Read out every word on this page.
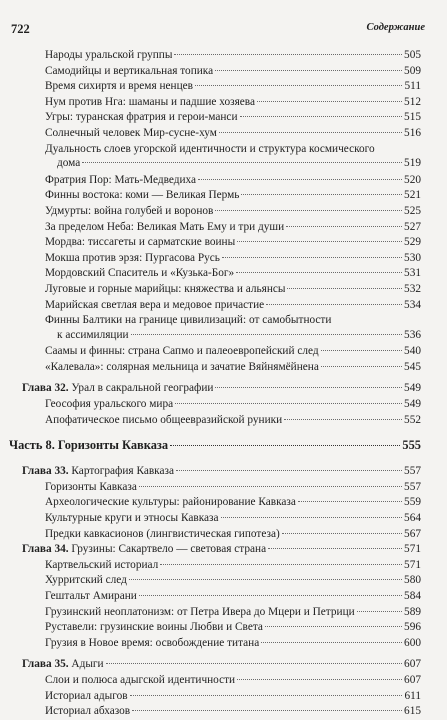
722	Содержание
Народы уральской группы	505
Самодийцы и вертикальная топика	509
Время сихиртя и время ненцев	511
Нум против Нга: шаманы и падшие хозяева	512
Угры: туранская фратрия и герои-манси	515
Солнечный человек Мир-сусне-хум	516
Дуальность слоев угорской идентичности и структура космического
дома	519
Фратрия Пор: Мать-Медведиха	520
Финны востока: коми — Великая Пермь	521
Удмурты: война голубей и воронов	525
За пределом Неба: Великая Мать Ему и три души	527
Мордва: тиссагеты и сарматские воины	529
Мокша против эрзя: Пургасова Русь	530
Мордовский Спаситель и «Кузька-Бог»	531
Луговые и горные марийцы: княжества и альянсы	532
Марийская светлая вера и медовое причастие	534
Финны Балтики на границе цивилизаций: от самобытности
к ассимиляции	536
Саамы и финны: страна Сапмо и палеоевропейский след	540
«Калевала»: солярная мельница и зачатие Вяйнямёйнена	545
Глава 32. Урал в сакральной географии	549
Геософия уральского мира	549
Апофатическое письмо общеевразийской руники	552
Часть 8. Горизонты Кавказа	555
Глава 33. Картография Кавказа	557
Горизонты Кавказа	557
Археологические культуры: районирование Кавказа	559
Культурные круги и этносы Кавказа	564
Предки кавкасионов (лингвистическая гипотеза)	567
Глава 34. Грузины: Сакартвело — световая страна	571
Картвельский историал	571
Хурритский след	580
Гештальт Амирани	584
Грузинский неоплатонизм: от Петра Ивера до Мцери и Петрици	589
Руставели: грузинские воины Любви и Света	596
Грузия в Новое время: освобождение титана	600
Глава 35. Адыги	607
Слои и полюса адыгской идентичности	607
Историал адыгов	611
Историал абхазов	615
